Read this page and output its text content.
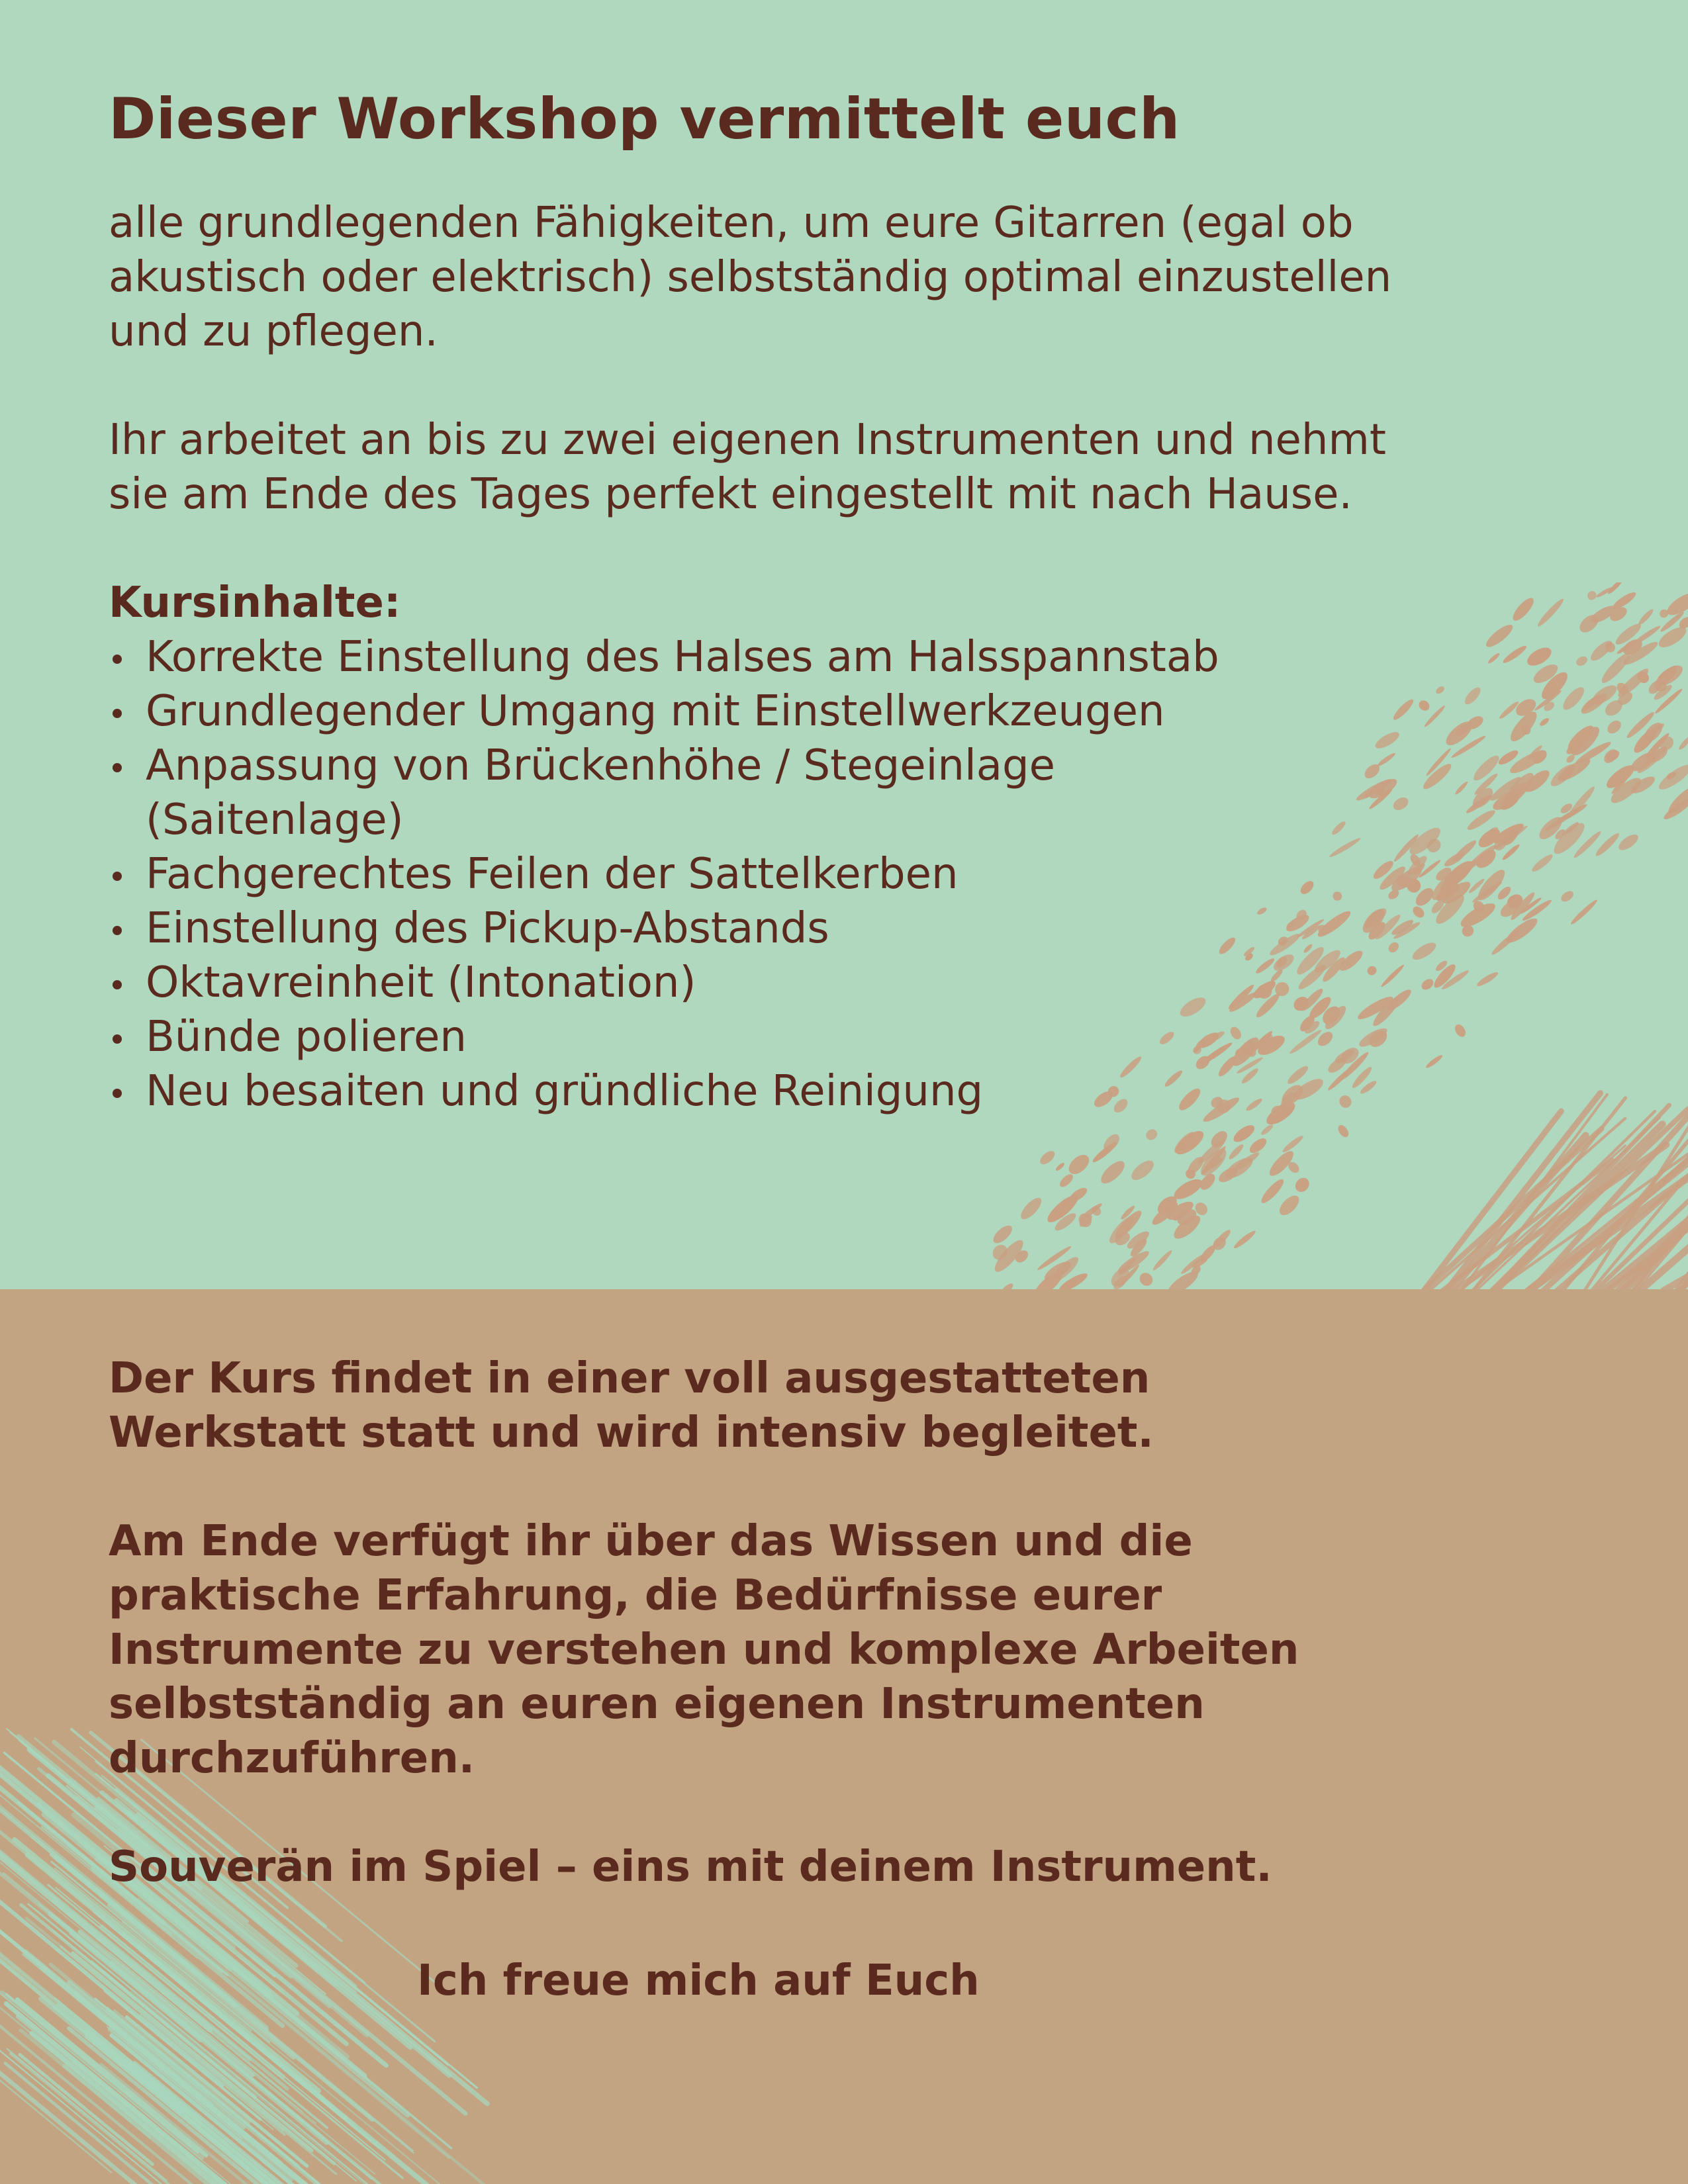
Dieser Workshop vermittelt euch

alle grundlegenden Fähigkeiten, um eure Gitarren (egal ob akustisch oder elektrisch) selbstständig optimal einzustellen und zu pflegen.

Ihr arbeitet an bis zu zwei eigenen Instrumenten und nehmt sie am Ende des Tages perfekt eingestellt mit nach Hause.

Kursinhalte:

Korrekte Einstellung des Halses am Halsspannstab
Grundlegender Umgang mit Einstellwerkzeugen
Anpassung von Brückenhöhe / Stegeinlage (Saitenlage)
Fachgerechtes Feilen der Sattelkerben
Einstellung des Pickup-Abstands
Oktavreinheit (Intonation)
Bünde polieren
Neu besaiten und gründliche Reinigung

Der Kurs findet in einer voll ausgestatteten Werkstatt statt und wird intensiv begleitet.

Am Ende verfügt ihr über das Wissen und die praktische Erfahrung, die Bedürfnisse eurer Instrumente zu verstehen und komplexe Arbeiten selbstständig an euren eigenen Instrumenten durchzuführen.

Souverän im Spiel – eins mit deinem Instrument.

Ich freue mich auf Euch
